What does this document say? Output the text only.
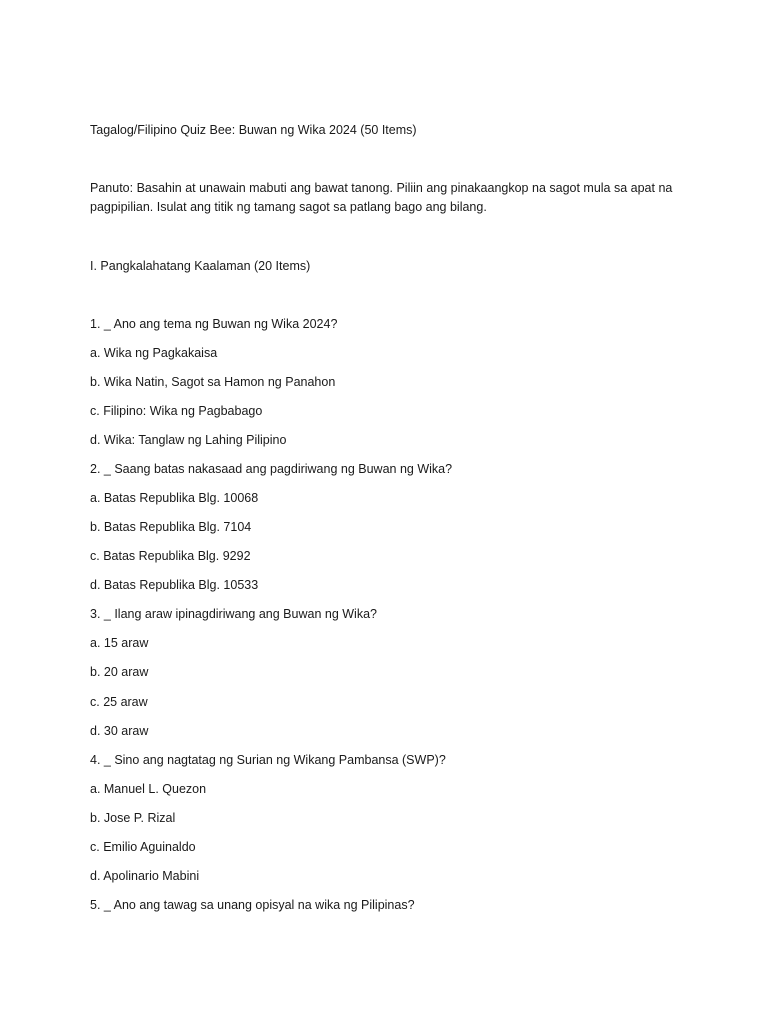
Tagalog/Filipino Quiz Bee: Buwan ng Wika 2024 (50 Items)
Panuto: Basahin at unawain mabuti ang bawat tanong. Piliin ang pinakaangkop na sagot mula sa apat na pagpipilian. Isulat ang titik ng tamang sagot sa patlang bago ang bilang.
I. Pangkalahatang Kaalaman (20 Items)
1. _ Ano ang tema ng Buwan ng Wika 2024?
a. Wika ng Pagkakaisa
b. Wika Natin, Sagot sa Hamon ng Panahon
c. Filipino: Wika ng Pagbabago
d. Wika: Tanglaw ng Lahing Pilipino
2. _ Saang batas nakasaad ang pagdiriwang ng Buwan ng Wika?
a. Batas Republika Blg. 10068
b. Batas Republika Blg. 7104
c. Batas Republika Blg. 9292
d. Batas Republika Blg. 10533
3. _ Ilang araw ipinagdiriwang ang Buwan ng Wika?
a. 15 araw
b. 20 araw
c. 25 araw
d. 30 araw
4. _ Sino ang nagtatag ng Surian ng Wikang Pambansa (SWP)?
a. Manuel L. Quezon
b. Jose P. Rizal
c. Emilio Aguinaldo
d. Apolinario Mabini
5. _ Ano ang tawag sa unang opisyal na wika ng Pilipinas?
